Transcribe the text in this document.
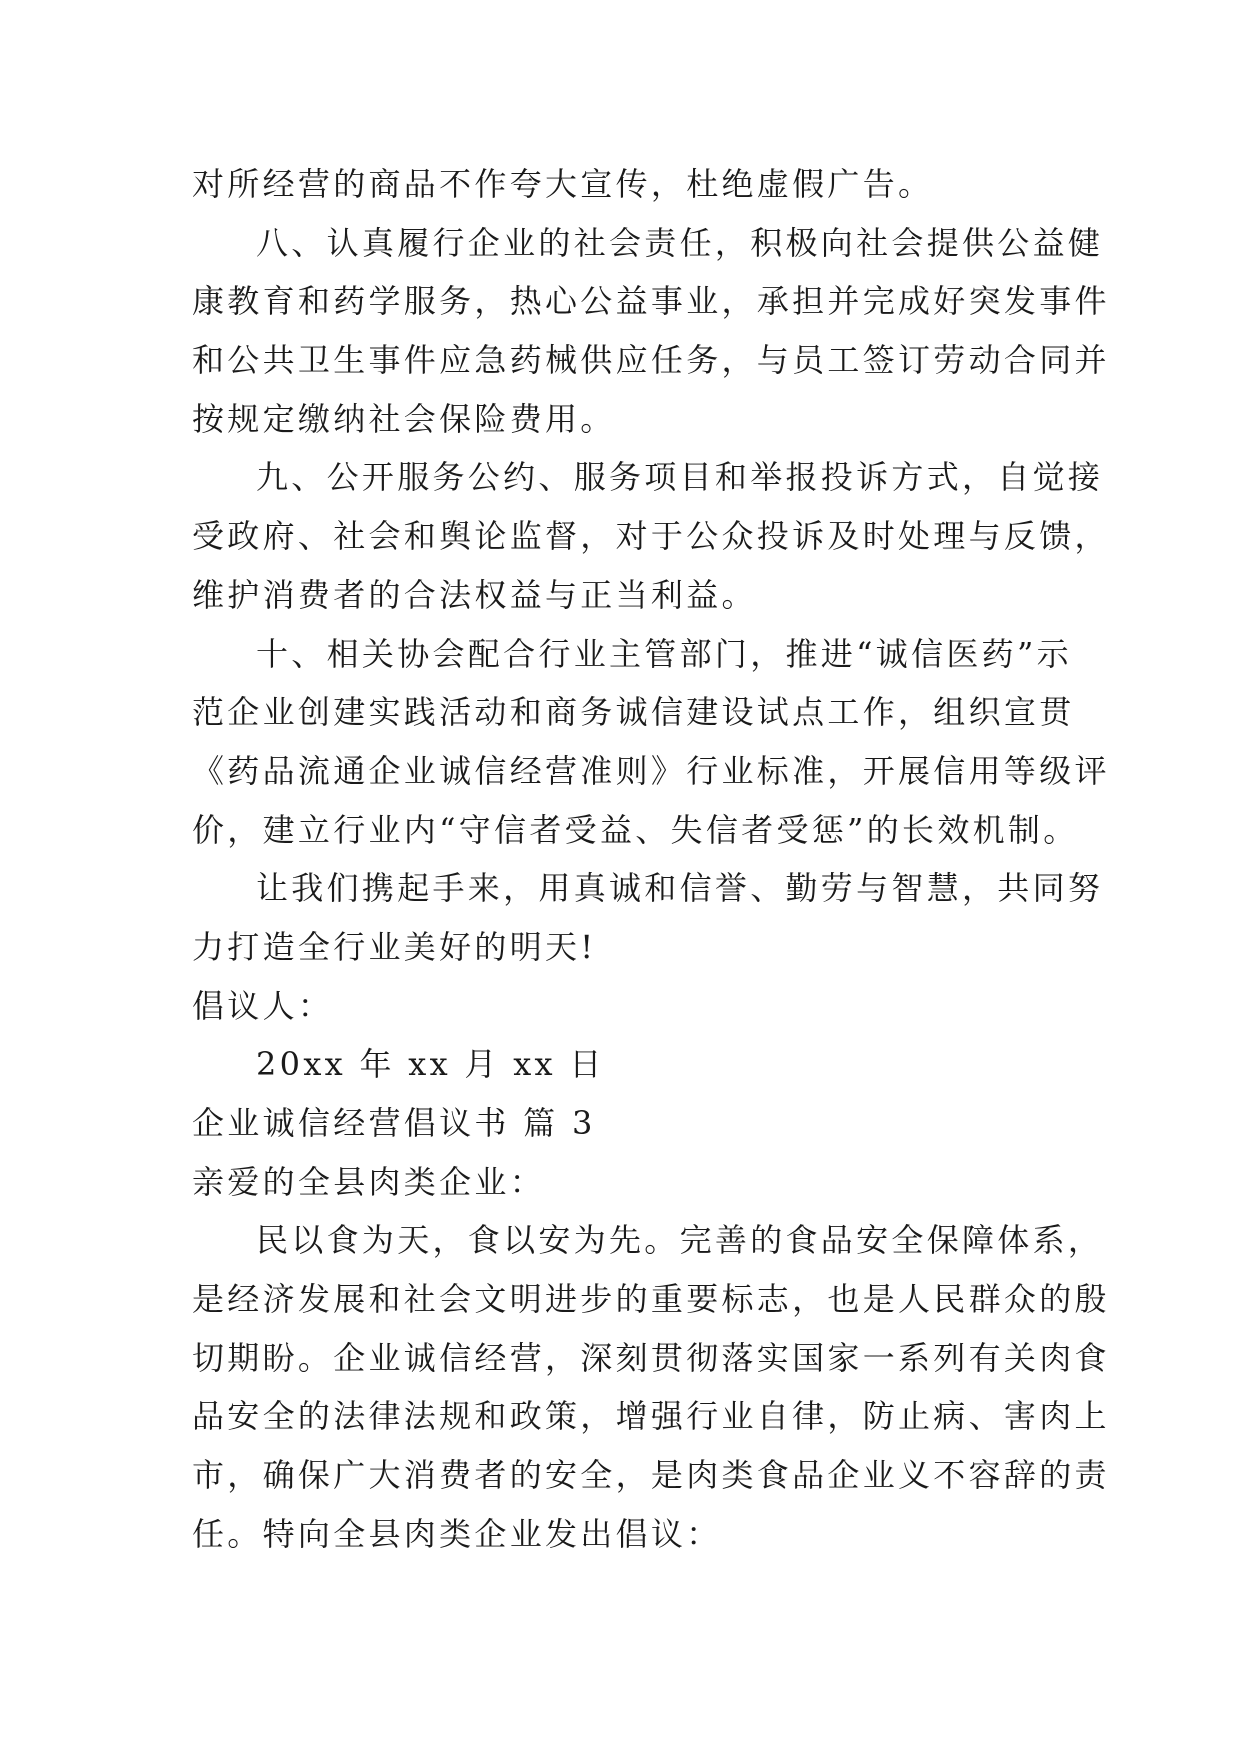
对所经营的商品不作夸大宣传，杜绝虚假广告。
八、认真履行企业的社会责任，积极向社会提供公益健
康教育和药学服务，热心公益事业，承担并完成好突发事件
和公共卫生事件应急药械供应任务，与员工签订劳动合同并
按规定缴纳社会保险费用。
九、公开服务公约、服务项目和举报投诉方式，自觉接
受政府、社会和舆论监督，对于公众投诉及时处理与反馈，
维护消费者的合法权益与正当利益。
十、相关协会配合行业主管部门，推进“诚信医药”示
范企业创建实践活动和商务诚信建设试点工作，组织宣贯
《药品流通企业诚信经营准则》行业标准，开展信用等级评
价，建立行业内“守信者受益、失信者受惩”的长效机制。
让我们携起手来，用真诚和信誉、勤劳与智慧，共同努
力打造全行业美好的明天!
倡议人：
20xx 年 xx 月 xx 日
企业诚信经营倡议书 篇 3
亲爱的全县肉类企业：
民以食为天，食以安为先。完善的食品安全保障体系，
是经济发展和社会文明进步的重要标志，也是人民群众的殷
切期盼。企业诚信经营，深刻贯彻落实国家一系列有关肉食
品安全的法律法规和政策，增强行业自律，防止病、害肉上
市，确保广大消费者的安全，是肉类食品企业义不容辞的责
任。特向全县肉类企业发出倡议：
